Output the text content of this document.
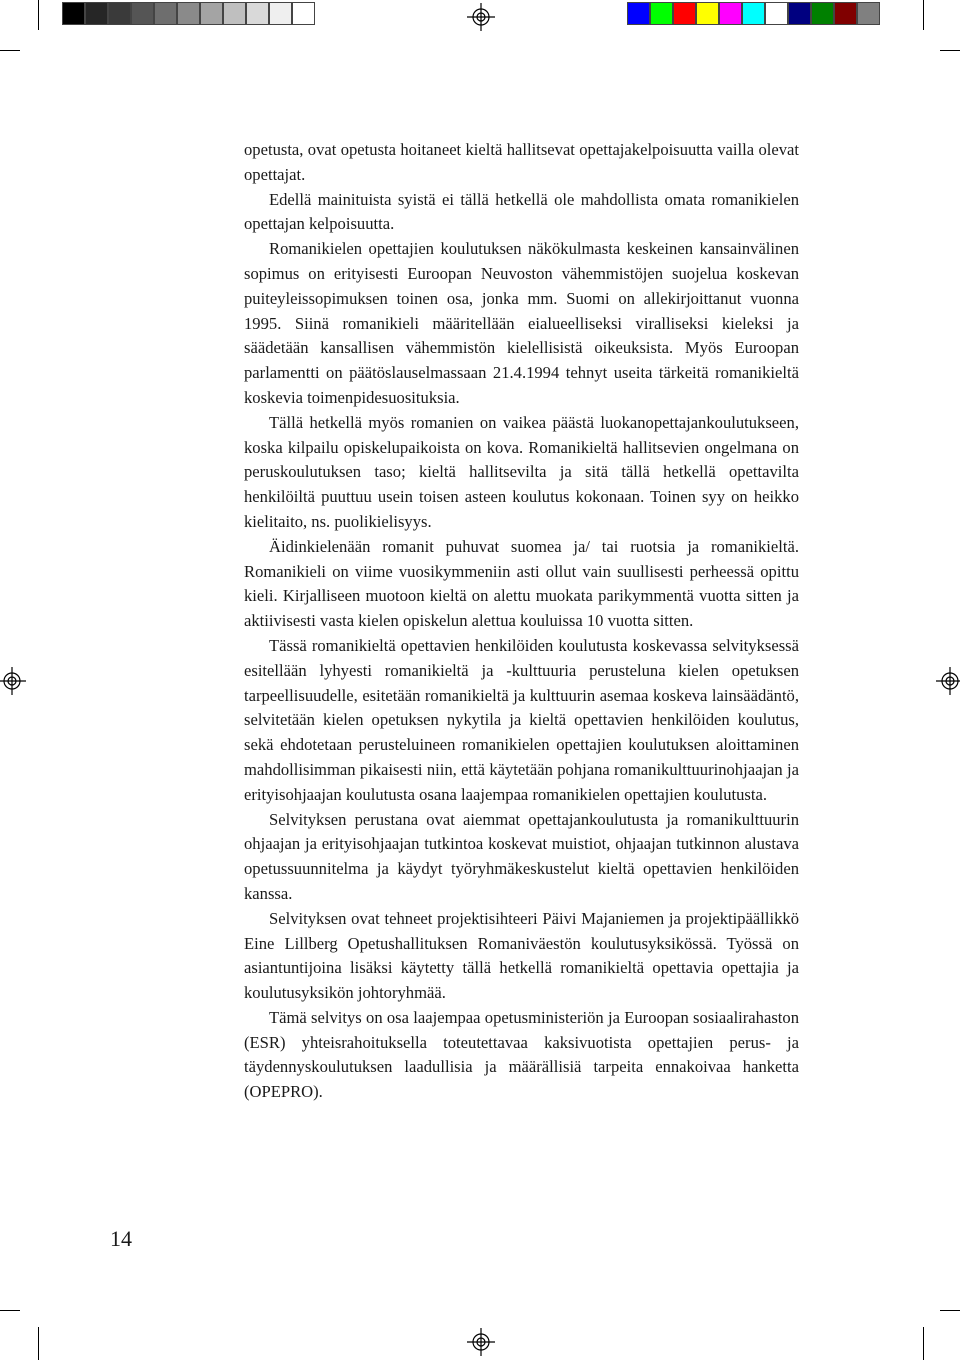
opetusta, ovat opetusta hoitaneet kieltä hallitsevat opettajakelpoisuutta vailla olevat opettajat.

Edellä mainituista syistä ei tällä hetkellä ole mahdollista omata romanikielen opettajan kelpoisuutta.

Romanikielen opettajien koulutuksen näkökulmasta keskeinen kansainvälinen sopimus on erityisesti Euroopan Neuvoston vähemmistöjen suojelua koskevan puiteyleissopimuksen toinen osa, jonka mm. Suomi on allekirjoittanut vuonna 1995. Siinä romanikieli määritellään eialueelliseksi viralliseksi kieleksi ja säädetään kansallisen vähemmistön kielellisistä oikeuksista. Myös Euroopan parlamentti on päätöslauselmassaan 21.4.1994 tehnyt useita tärkeitä romanikieltä koskevia toimenpidesuosituksia.

Tällä hetkellä myös romanien on vaikea päästä luokanopettajankoulutukseen, koska kilpailu opiskelupaikoista on kova. Romanikieltä hallitsevien ongelmana on peruskoulutuksen taso; kieltä hallitsevilta ja sitä tällä hetkellä opettavilta henkilöiltä puuttuu usein toisen asteen koulutus kokonaan. Toinen syy on heikko kielitaito, ns. puolikielisyys.

Äidinkielenään romanit puhuvat suomea ja/ tai ruotsia ja romanikieltä. Romanikieli on viime vuosikymmeniin asti ollut vain suullisesti perheessä opittu kieli. Kirjalliseen muotoon kieltä on alettu muokata parikymmentä vuotta sitten ja aktiivisesti vasta kielen opiskelun alettua kouluissa 10 vuotta sitten.

Tässä romanikieltä opettavien henkilöiden koulutusta koskevassa selvityksessä esitellään lyhyesti romanikieltä ja -kulttuuria perusteluna kielen opetuksen tarpeellisuudelle, esitetään romanikieltä ja kulttuurin asemaa koskeva lainsäädäntö, selvitetään kielen opetuksen nykytila ja kieltä opettavien henkilöiden koulutus, sekä ehdotetaan perusteluineen romanikielen opettajien koulutuksen aloittaminen mahdollisimman pikaisesti niin, että käytetään pohjana romanikulttuurinohjaajan ja erityisohjaajan koulutusta osana laajempaa romanikielen opettajien koulutusta.

Selvityksen perustana ovat aiemmat opettajankoulutusta ja romanikulttuurin ohjaajan ja erityisohjaajan tutkintoa koskevat muistiot, ohjaajan tutkinnon alustava opetussuunnitelma ja käydyt työryhmäkeskustelut kieltä opettavien henkilöiden kanssa.

Selvityksen ovat tehneet projektisihteeri Päivi Majaniemen ja projektipäällikkö Eine Lillberg Opetushallituksen Romaniväestön koulutusyksikössä. Työssä on asiantuntijoina lisäksi käytetty tällä hetkellä romanikieltä opettavia opettajia ja koulutusyksikön johtoryhmää.

Tämä selvitys on osa laajempaa opetusministeriön ja Euroopan sosiaalirahaston (ESR) yhteisrahoituksella toteutettavaa kaksivuotista opettajien perus- ja täydennyskoulutuksen laadullisia ja määrällisiä tarpeita ennakoivaa hanketta (OPEPRO).

14
